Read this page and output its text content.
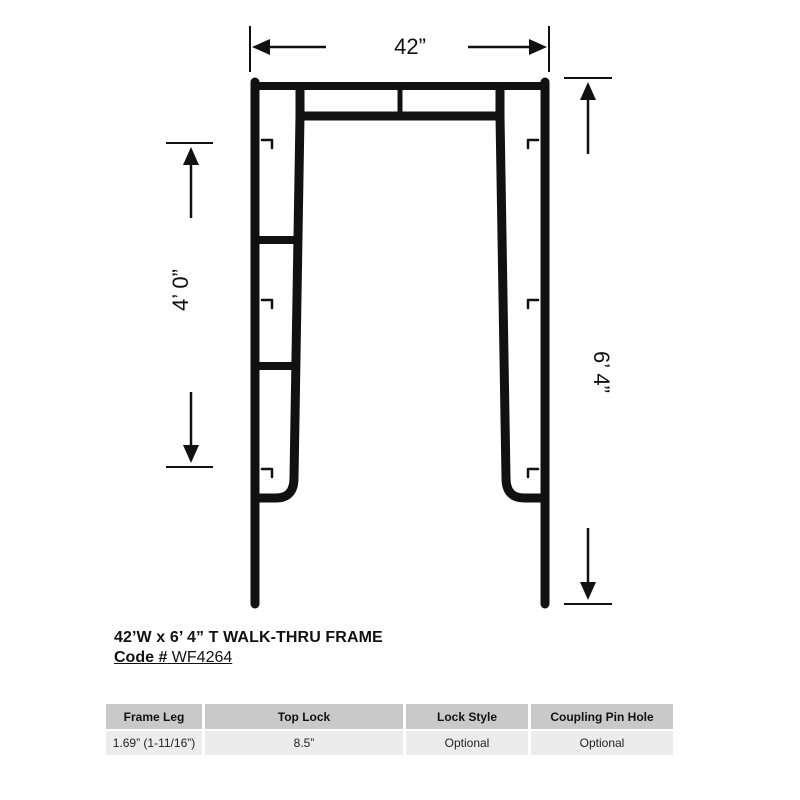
42”
4’ 0”
6’ 4”
42’W x 6’ 4” T WALK-THRU FRAME
Code # WF4264
Frame Leg	Top Lock	Lock Style	Coupling Pin Hole
1.69” (1-11/16”)	8.5”	Optional	Optional
